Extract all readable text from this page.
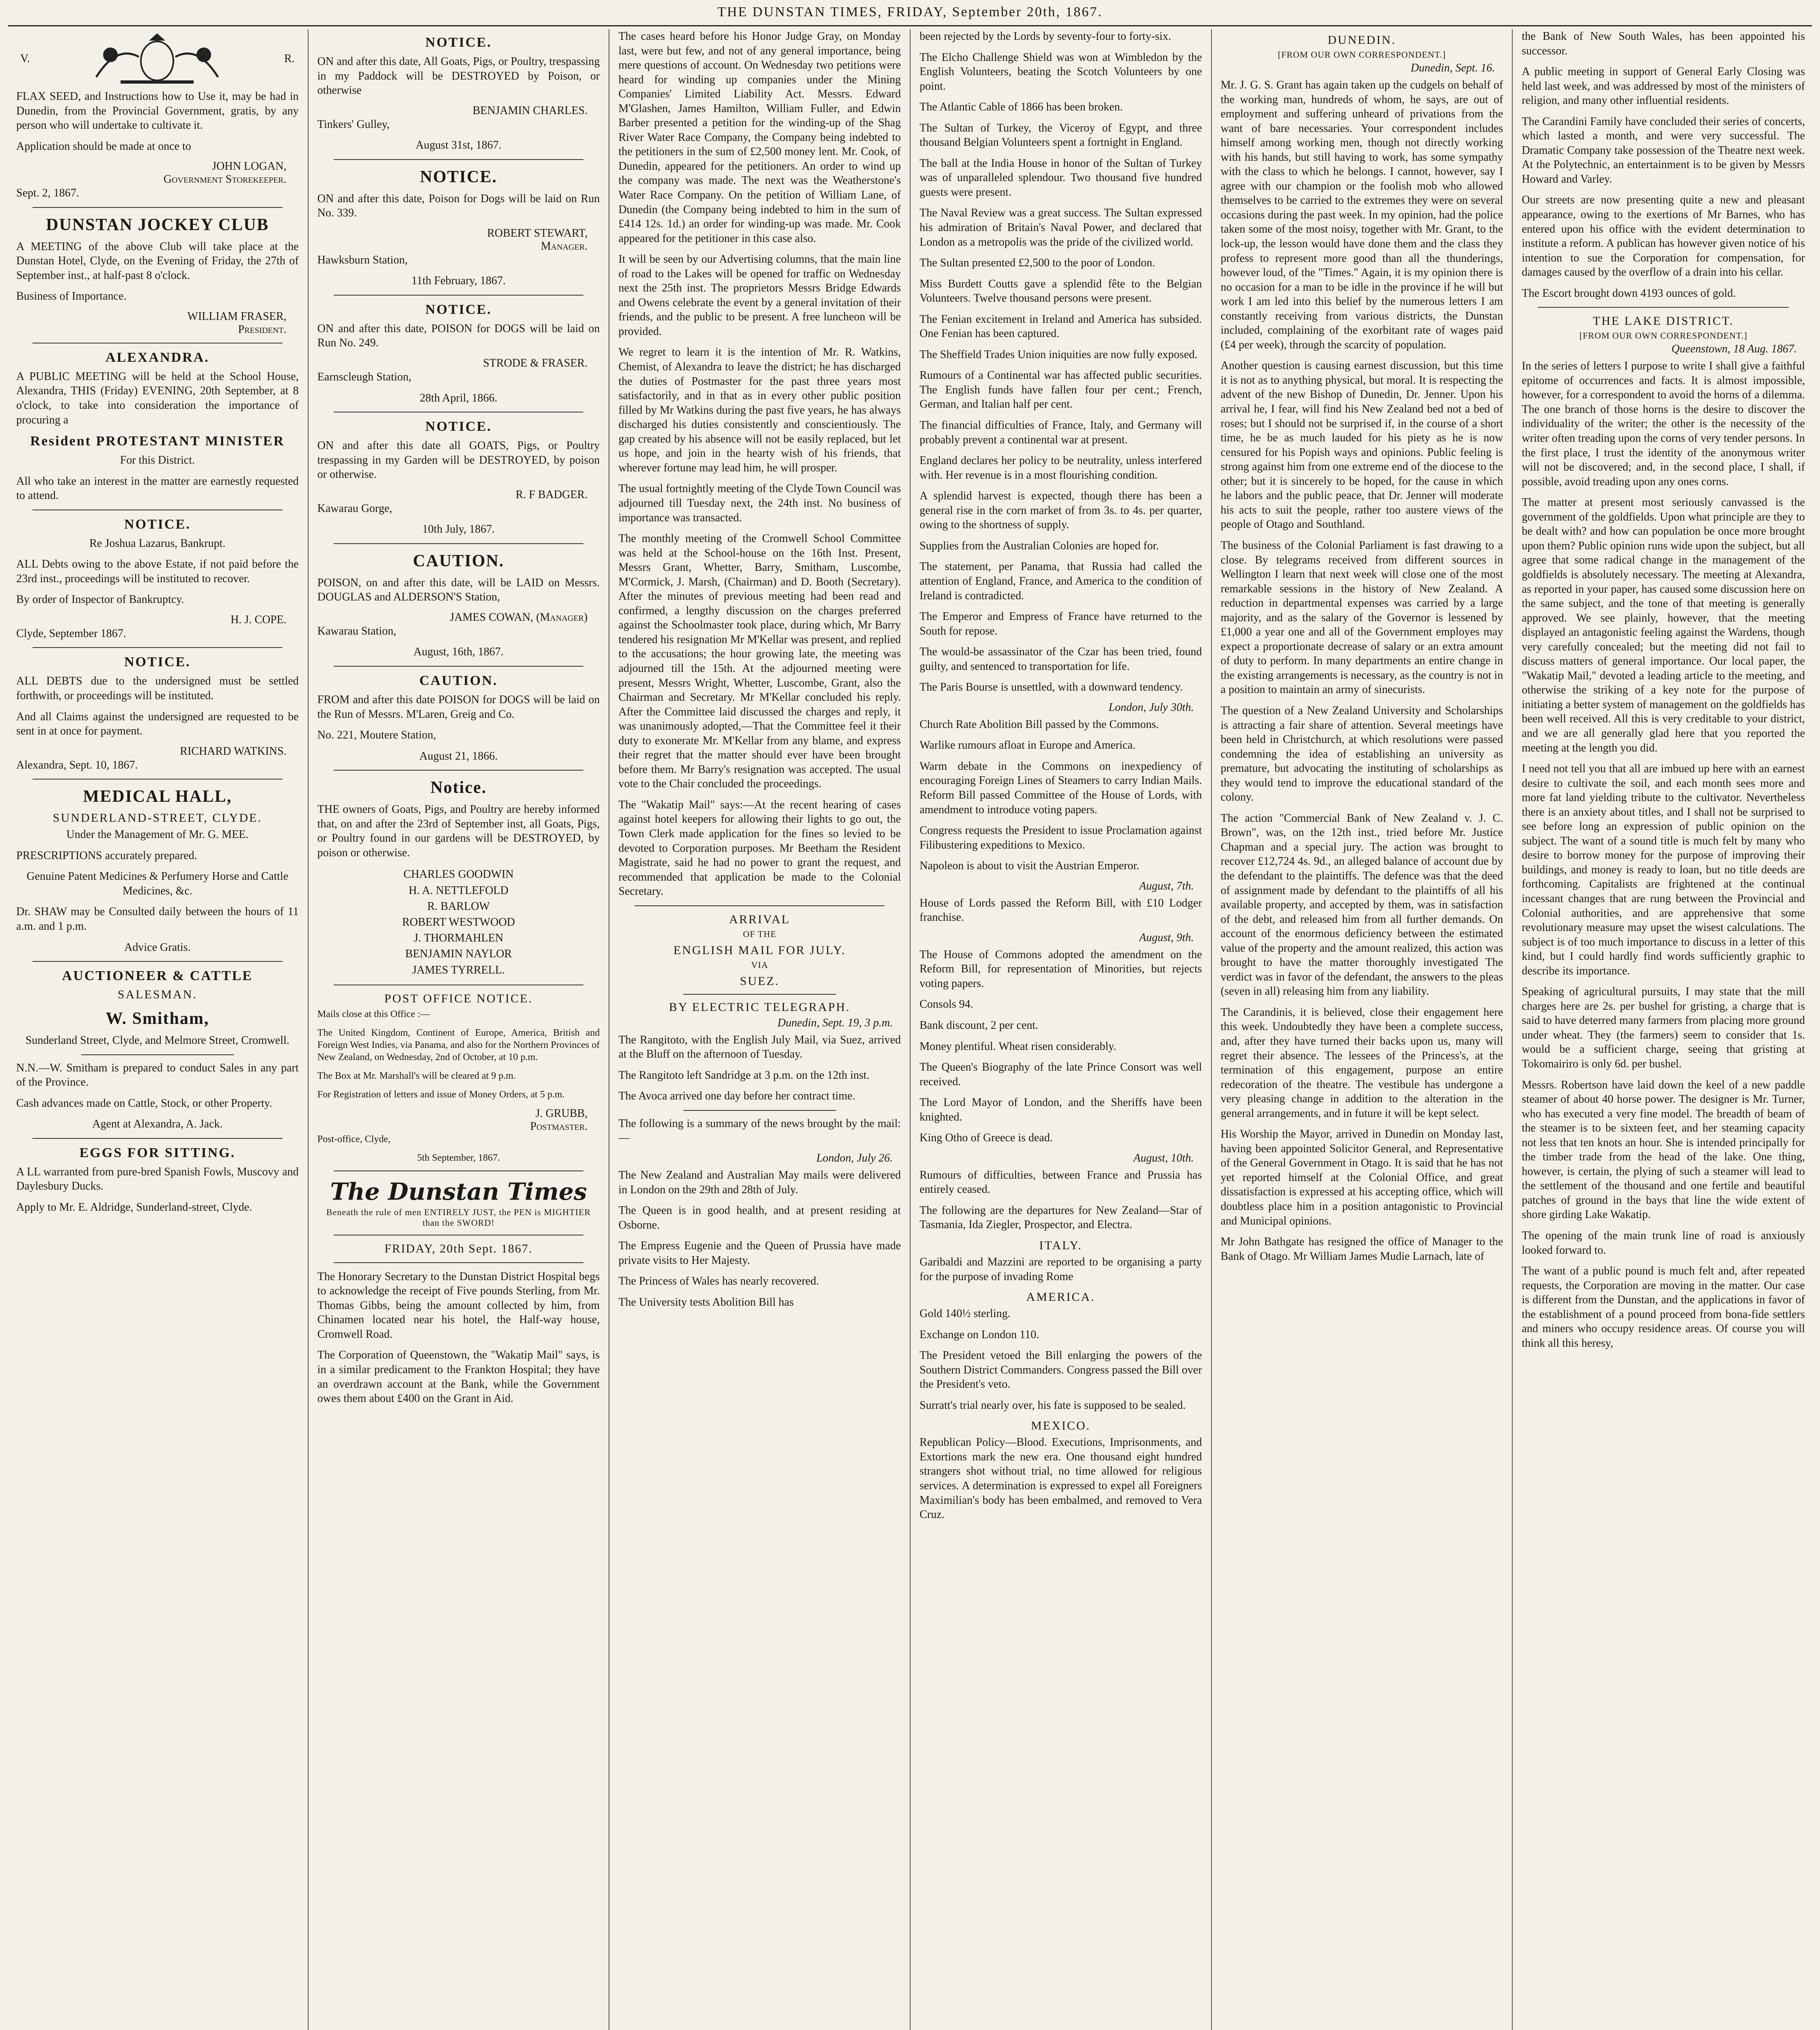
THE DUNSTAN TIMES, FRIDAY, September 20th, 1867.
V.	R.

FLAX SEED, and Instructions how to Use it, may be had in Dunedin, from the Provincial Government, gratis, by any person who will undertake to cultivate it.

Application should be made at once to

JOHN LOGAN,
Government Storekeeper.

Sept. 2, 1867.

DUNSTAN JOCKEY CLUB

A MEETING of the above Club will take place at the Dunstan Hotel, Clyde, on the Evening of Friday, the 27th of September inst., at half-past 8 o'clock.

Business of Importance.

WILLIAM FRASER,
President.
ALEXANDRA.

A PUBLIC MEETING will be held at the School House, Alexandra, THIS (Friday) EVENING, 20th September, at 8 o'clock, to take into consideration the importance of procuring a

Resident PROTESTANT MINISTER

For this District.

All who take an interest in the matter are earnestly requested to attend.

NOTICE.

Re Joshua Lazarus, Bankrupt.

ALL Debts owing to the above Estate, if not paid before the 23rd inst., proceedings will be instituted to recover.

By order of Inspector of Bankruptcy.

H. J. COPE.

Clyde, September 1867.

NOTICE.

ALL DEBTS due to the undersigned must be settled forthwith, or proceedings will be instituted.

And all Claims against the undersigned are requested to be sent in at once for payment.

RICHARD WATKINS.

Alexandra, Sept. 10, 1867.

MEDICAL HALL,
SUNDERLAND-STREET, CLYDE.

Under the Management of Mr. G. MEE.

PRESCRIPTIONS accurately prepared.

Genuine Patent Medicines & Perfumery Horse and Cattle Medicines, &c.

Dr. SHAW may be Consulted daily between the hours of 11 a.m. and 1 p.m.

Advice Gratis.

AUCTIONEER & CATTLE
SALESMAN.
W. Smitham,

Sunderland Street, Clyde, and Melmore Street, Cromwell.

N.N.—W. Smitham is prepared to conduct Sales in any part of the Province.

Cash advances made on Cattle, Stock, or other Property.

Agent at Alexandra, A. Jack.

EGGS FOR SITTING.

A LL warranted from pure-bred Spanish Fowls, Muscovy and Daylesbury Ducks.

Apply to Mr. E. Aldridge, Sunderland-street, Clyde.

NOTICE.

ON and after this date, All Goats, Pigs, or Poultry, trespassing in my Paddock will be DESTROYED by Poison, or otherwise

BENJAMIN CHARLES.

Tinkers' Gulley,

August 31st, 1867.

NOTICE.

ON and after this date, Poison for Dogs will be laid on Run No. 339.

ROBERT STEWART,
Manager.

Hawksburn Station,

11th February, 1867.

NOTICE.

ON and after this date, POISON for DOGS will be laid on Run No. 249.

STRODE & FRASER.

Earnscleugh Station,

28th April, 1866.

NOTICE.

ON and after this date all GOATS, Pigs, or Poultry trespassing in my Garden will be DESTROYED, by poison or otherwise.

R. F BADGER.

Kawarau Gorge,

10th July, 1867.

CAUTION.

POISON, on and after this date, will be LAID on Messrs. DOUGLAS and ALDERSON'S Station,

JAMES COWAN, (Manager)

Kawarau Station,

August, 16th, 1867.

CAUTION.

FROM and after this date POISON for DOGS will be laid on the Run of Messrs. M'Laren, Greig and Co.

No. 221, Moutere Station,

August 21, 1866.

Notice.

THE owners of Goats, Pigs, and Poultry are hereby informed that, on and after the 23rd of September inst, all Goats, Pigs, or Poultry found in our gardens will be DESTROYED, by poison or otherwise.

CHARLES GOODWIN
H. A. NETTLEFOLD
R. BARLOW
ROBERT WESTWOOD
J. THORMAHLEN
BENJAMIN NAYLOR
JAMES TYRRELL.
POST OFFICE NOTICE.

Mails close at this Office :—

The United Kingdom, Continent of Europe, America, British and Foreign West Indies, via Panama, and also for the Northern Provinces of New Zealand, on Wednesday, 2nd of October, at 10 p.m.

The Box at Mr. Marshall's will be cleared at 9 p.m.

For Registration of letters and issue of Money Orders, at 5 p.m.

J. GRUBB,
Postmaster.

Post-office, Clyde,

5th September, 1867.

The Dunstan Times
Beneath the rule of men ENTIRELY JUST, the PEN is MIGHTIER than the SWORD!
FRIDAY, 20th Sept. 1867.

The Honorary Secretary to the Dunstan District Hospital begs to acknowledge the receipt of Five pounds Sterling, from Mr. Thomas Gibbs, being the amount collected by him, from Chinamen located near his hotel, the Half-way house, Cromwell Road.

The Corporation of Queenstown, the "Wakatip Mail" says, is in a similar predicament to the Frankton Hospital; they have an overdrawn account at the Bank, while the Government owes them about £400 on the Grant in Aid.

The cases heard before his Honor Judge Gray, on Monday last, were but few, and not of any general importance, being mere questions of account. On Wednesday two petitions were heard for winding up companies under the Mining Companies' Limited Liability Act. Messrs. Edward M'Glashen, James Hamilton, William Fuller, and Edwin Barber presented a petition for the winding-up of the Shag River Water Race Company, the Company being indebted to the petitioners in the sum of £2,500 money lent. Mr. Cook, of Dunedin, appeared for the petitioners. An order to wind up the company was made. The next was the Weatherstone's Water Race Company. On the petition of William Lane, of Dunedin (the Company being indebted to him in the sum of £414 12s. 1d.) an order for winding-up was made. Mr. Cook appeared for the petitioner in this case also.

It will be seen by our Advertising columns, that the main line of road to the Lakes will be opened for traffic on Wednesday next the 25th inst. The proprietors Messrs Bridge Edwards and Owens celebrate the event by a general invitation of their friends, and the public to be present. A free luncheon will be provided.

We regret to learn it is the intention of Mr. R. Watkins, Chemist, of Alexandra to leave the district; he has discharged the duties of Postmaster for the past three years most satisfactorily, and in that as in every other public position filled by Mr Watkins during the past five years, he has always discharged his duties consistently and conscientiously. The gap created by his absence will not be easily replaced, but let us hope, and join in the hearty wish of his friends, that wherever fortune may lead him, he will prosper.

The usual fortnightly meeting of the Clyde Town Council was adjourned till Tuesday next, the 24th inst. No business of importance was transacted.

The monthly meeting of the Cromwell School Committee was held at the School-house on the 16th Inst. Present, Messrs Grant, Whetter, Barry, Smitham, Luscombe, M'Cormick, J. Marsh, (Chairman) and D. Booth (Secretary). After the minutes of previous meeting had been read and confirmed, a lengthy discussion on the charges preferred against the Schoolmaster took place, during which, Mr Barry tendered his resignation Mr M'Kellar was present, and replied to the accusations; the hour growing late, the meeting was adjourned till the 15th. At the adjourned meeting were present, Messrs Wright, Whetter, Luscombe, Grant, also the Chairman and Secretary. Mr M'Kellar concluded his reply. After the Committee laid discussed the charges and reply, it was unanimously adopted,—That the Committee feel it their duty to exonerate Mr. M'Kellar from any blame, and express their regret that the matter should ever have been brought before them. Mr Barry's resignation was accepted. The usual vote to the Chair concluded the proceedings.

The "Wakatip Mail" says:—At the recent hearing of cases against hotel keepers for allowing their lights to go out, the Town Clerk made application for the fines so levied to be devoted to Corporation purposes. Mr Beetham the Resident Magistrate, said he had no power to grant the request, and recommended that application be made to the Colonial Secretary.

ARRIVAL
OF THE
ENGLISH MAIL FOR JULY.
VIA
SUEZ.
BY ELECTRIC TELEGRAPH.
Dunedin, Sept. 19, 3 p.m.

The Rangitoto, with the English July Mail, via Suez, arrived at the Bluff on the afternoon of Tuesday.

The Rangitoto left Sandridge at 3 p.m. on the 12th inst.

The Avoca arrived one day before her contract time.

The following is a summary of the news brought by the mail:—

London, July 26.

The New Zealand and Australian May mails were delivered in London on the 29th and 28th of July.

The Queen is in good health, and at present residing at Osborne.

The Empress Eugenie and the Queen of Prussia have made private visits to Her Majesty.

The Princess of Wales has nearly recovered.

The University tests Abolition Bill has

been rejected by the Lords by seventy-four to forty-six.

The Elcho Challenge Shield was won at Wimbledon by the English Volunteers, beating the Scotch Volunteers by one point.

The Atlantic Cable of 1866 has been broken.

The Sultan of Turkey, the Viceroy of Egypt, and three thousand Belgian Volunteers spent a fortnight in England.

The ball at the India House in honor of the Sultan of Turkey was of unparalleled splendour. Two thousand five hundred guests were present.

The Naval Review was a great success. The Sultan expressed his admiration of Britain's Naval Power, and declared that London as a metropolis was the pride of the civilized world.

The Sultan presented £2,500 to the poor of London.

Miss Burdett Coutts gave a splendid fête to the Belgian Volunteers. Twelve thousand persons were present.

The Fenian excitement in Ireland and America has subsided. One Fenian has been captured.

The Sheffield Trades Union iniquities are now fully exposed.

Rumours of a Continental war has affected public securities. The English funds have fallen four per cent.; French, German, and Italian half per cent.

The financial difficulties of France, Italy, and Germany will probably prevent a continental war at present.

England declares her policy to be neutrality, unless interfered with. Her revenue is in a most flourishing condition.

A splendid harvest is expected, though there has been a general rise in the corn market of from 3s. to 4s. per quarter, owing to the shortness of supply.

Supplies from the Australian Colonies are hoped for.

The statement, per Panama, that Russia had called the attention of England, France, and America to the condition of Ireland is contradicted.

The Emperor and Empress of France have returned to the South for repose.

The would-be assassinator of the Czar has been tried, found guilty, and sentenced to transportation for life.

The Paris Bourse is unsettled, with a downward tendency.

London, July 30th.

Church Rate Abolition Bill passed by the Commons.

Warlike rumours afloat in Europe and America.

Warm debate in the Commons on inexpediency of encouraging Foreign Lines of Steamers to carry Indian Mails. Reform Bill passed Committee of the House of Lords, with amendment to introduce voting papers.

Congress requests the President to issue Proclamation against Filibustering expeditions to Mexico.

Napoleon is about to visit the Austrian Emperor.

August, 7th.

House of Lords passed the Reform Bill, with £10 Lodger franchise.

August, 9th.

The House of Commons adopted the amendment on the Reform Bill, for representation of Minorities, but rejects voting papers.

Consols 94.

Bank discount, 2 per cent.

Money plentiful. Wheat risen considerably.

The Queen's Biography of the late Prince Consort was well received.

The Lord Mayor of London, and the Sheriffs have been knighted.

King Otho of Greece is dead.

August, 10th.

Rumours of difficulties, between France and Prussia has entirely ceased.

The following are the departures for New Zealand—Star of Tasmania, Ida Ziegler, Prospector, and Electra.

ITALY.

Garibaldi and Mazzini are reported to be organising a party for the purpose of invading Rome

AMERICA.

Gold 140½ sterling.

Exchange on London 110.

The President vetoed the Bill enlarging the powers of the Southern District Commanders. Congress passed the Bill over the President's veto.

Surratt's trial nearly over, his fate is supposed to be sealed.

MEXICO.

Republican Policy—Blood. Executions, Imprisonments, and Extortions mark the new era. One thousand eight hundred strangers shot without trial, no time allowed for religious services. A determination is expressed to expel all Foreigners Maximilian's body has been embalmed, and removed to Vera Cruz.

DUNEDIN.
[FROM OUR OWN CORRESPONDENT.]
Dunedin, Sept. 16.

Mr. J. G. S. Grant has again taken up the cudgels on behalf of the working man, hundreds of whom, he says, are out of employment and suffering unheard of privations from the want of bare necessaries. Your correspondent includes himself among working men, though not directly working with his hands, but still having to work, has some sympathy with the class to which he belongs. I cannot, however, say I agree with our champion or the foolish mob who allowed themselves to be carried to the extremes they were on several occasions during the past week. In my opinion, had the police taken some of the most noisy, together with Mr. Grant, to the lock-up, the lesson would have done them and the class they profess to represent more good than all the thunderings, however loud, of the "Times." Again, it is my opinion there is no occasion for a man to be idle in the province if he will but work I am led into this belief by the numerous letters I am constantly receiving from various districts, the Dunstan included, complaining of the exorbitant rate of wages paid (£4 per week), through the scarcity of population.

Another question is causing earnest discussion, but this time it is not as to anything physical, but moral. It is respecting the advent of the new Bishop of Dunedin, Dr. Jenner. Upon his arrival he, I fear, will find his New Zealand bed not a bed of roses; but I should not be surprised if, in the course of a short time, he be as much lauded for his piety as he is now censured for his Popish ways and opinions. Public feeling is strong against him from one extreme end of the diocese to the other; but it is sincerely to be hoped, for the cause in which he labors and the public peace, that Dr. Jenner will moderate his acts to suit the people, rather too austere views of the people of Otago and Southland.

The business of the Colonial Parliament is fast drawing to a close. By telegrams received from different sources in Wellington I learn that next week will close one of the most remarkable sessions in the history of New Zealand. A reduction in departmental expenses was carried by a large majority, and as the salary of the Governor is lessened by £1,000 a year one and all of the Government employes may expect a proportionate decrease of salary or an extra amount of duty to perform. In many departments an entire change in the existing arrangements is necessary, as the country is not in a position to maintain an army of sinecurists.

The question of a New Zealand University and Scholarships is attracting a fair share of attention. Several meetings have been held in Christchurch, at which resolutions were passed condemning the idea of establishing an university as premature, but advocating the instituting of scholarships as they would tend to improve the educational standard of the colony.

The action "Commercial Bank of New Zealand v. J. C. Brown", was, on the 12th inst., tried before Mr. Justice Chapman and a special jury. The action was brought to recover £12,724 4s. 9d., an alleged balance of account due by the defendant to the plaintiffs. The defence was that the deed of assignment made by defendant to the plaintiffs of all his available property, and accepted by them, was in satisfaction of the debt, and released him from all further demands. On account of the enormous deficiency between the estimated value of the property and the amount realized, this action was brought to have the matter thoroughly investigated The verdict was in favor of the defendant, the answers to the pleas (seven in all) releasing him from any liability.

The Carandinis, it is believed, close their engagement here this week. Undoubtedly they have been a complete success, and, after they have turned their backs upon us, many will regret their absence. The lessees of the Princess's, at the termination of this engagement, purpose an entire redecoration of the theatre. The vestibule has undergone a very pleasing change in addition to the alteration in the general arrangements, and in future it will be kept select.

His Worship the Mayor, arrived in Dunedin on Monday last, having been appointed Solicitor General, and Representative of the General Government in Otago. It is said that he has not yet reported himself at the Colonial Office, and great dissatisfaction is expressed at his accepting office, which will doubtless place him in a position antagonistic to Provincial and Municipal opinions.

Mr John Bathgate has resigned the office of Manager to the Bank of Otago. Mr William James Mudie Larnach, late of

the Bank of New South Wales, has been appointed his successor.

A public meeting in support of General Early Closing was held last week, and was addressed by most of the ministers of religion, and many other influential residents.

The Carandini Family have concluded their series of concerts, which lasted a month, and were very successful. The Dramatic Company take possession of the Theatre next week. At the Polytechnic, an entertainment is to be given by Messrs Howard and Varley.

Our streets are now presenting quite a new and pleasant appearance, owing to the exertions of Mr Barnes, who has entered upon his office with the evident determination to institute a reform. A publican has however given notice of his intention to sue the Corporation for compensation, for damages caused by the overflow of a drain into his cellar.

The Escort brought down 4193 ounces of gold.

THE LAKE DISTRICT.
[FROM OUR OWN CORRESPONDENT.]
Queenstown, 18 Aug. 1867.

In the series of letters I purpose to write I shall give a faithful epitome of occurrences and facts. It is almost impossible, however, for a correspondent to avoid the horns of a dilemma. The one branch of those horns is the desire to discover the individuality of the writer; the other is the necessity of the writer often treading upon the corns of very tender persons. In the first place, I trust the identity of the anonymous writer will not be discovered; and, in the second place, I shall, if possible, avoid treading upon any ones corns.

The matter at present most seriously canvassed is the government of the goldfields. Upon what principle are they to be dealt with? and how can population be once more brought upon them? Public opinion runs wide upon the subject, but all agree that some radical change in the management of the goldfields is absolutely necessary. The meeting at Alexandra, as reported in your paper, has caused some discussion here on the same subject, and the tone of that meeting is generally approved. We see plainly, however, that the meeting displayed an antagonistic feeling against the Wardens, though very carefully concealed; but the meeting did not fail to discuss matters of general importance. Our local paper, the "Wakatip Mail," devoted a leading article to the meeting, and otherwise the striking of a key note for the purpose of initiating a better system of management on the goldfields has been well received. All this is very creditable to your district, and we are all generally glad here that you reported the meeting at the length you did.

I need not tell you that all are imbued up here with an earnest desire to cultivate the soil, and each month sees more and more fat land yielding tribute to the cultivator. Nevertheless there is an anxiety about titles, and I shall not be surprised to see before long an expression of public opinion on the subject. The want of a sound title is much felt by many who desire to borrow money for the purpose of improving their buildings, and money is ready to loan, but no title deeds are forthcoming. Capitalists are frightened at the continual incessant changes that are rung between the Provincial and Colonial authorities, and are apprehensive that some revolutionary measure may upset the wisest calculations. The subject is of too much importance to discuss in a letter of this kind, but I could hardly find words sufficiently graphic to describe its importance.

Speaking of agricultural pursuits, I may state that the mill charges here are 2s. per bushel for gristing, a charge that is said to have deterred many farmers from placing more ground under wheat. They (the farmers) seem to consider that 1s. would be a sufficient charge, seeing that gristing at Tokomairiro is only 6d. per bushel.

Messrs. Robertson have laid down the keel of a new paddle steamer of about 40 horse power. The designer is Mr. Turner, who has executed a very fine model. The breadth of beam of the steamer is to be sixteen feet, and her steaming capacity not less that ten knots an hour. She is intended principally for the timber trade from the head of the lake. One thing, however, is certain, the plying of such a steamer will lead to the settlement of the thousand and one fertile and beautiful patches of ground in the bays that line the wide extent of shore girding Lake Wakatip.

The opening of the main trunk line of road is anxiously looked forward to.

The want of a public pound is much felt and, after repeated requests, the Corporation are moving in the matter. Our case is different from the Dunstan, and the applications in favor of the establishment of a pound proceed from bona-fide settlers and miners who occupy residence areas. Of course you will think all this heresy,
